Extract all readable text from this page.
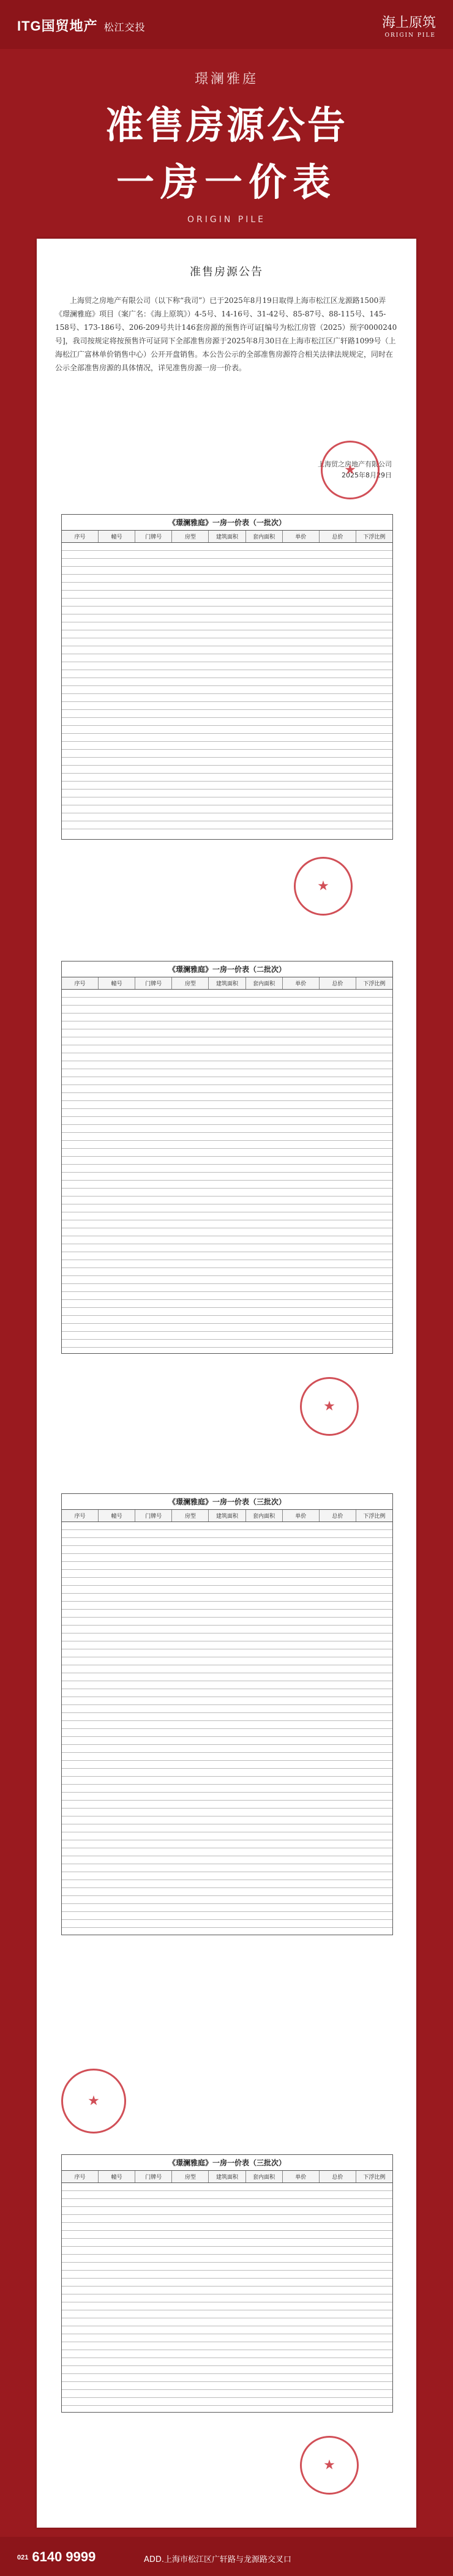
ITG国贸地产 松江交投	海上原筑
ORIGIN PILE
璟澜雅庭
准售房源公告
一房一价表
ORIGIN PILE
准售房源公告
上海贸之房地产有限公司（以下称“我司”）已于2025年8月19日取得上海市松江区龙源路1500弄《璟澜雅庭》项目（案广名：《海上原筑》）4-5号、14-16号、31-42号、85-87号、88-115号、145-158号、173-186号、206-209号共计146套房源的预售许可证[编号为松江房管（2025）预字0000240号]，我司按规定将按预售许可证同下全部准售房源于2025年8月30日在上海市松江区广轩路1099号（上海松江广富林单价销售中心）公开开盘销售。本公告公示的全部准售房源符合相关法律法规规定，同时在公示全部准售房源的具体情况，详见准售房源一房一价表。
上海贸之房地产有限公司
2025年8月29日
★
《璟澜雅庭》一房一价表（一批次）
序号	幢号	门牌号	房型	建筑面积	套内面积	单价	总价	下浮比例
★
《璟澜雅庭》一房一价表（二批次）
序号	幢号	门牌号	房型	建筑面积	套内面积	单价	总价	下浮比例
★
《璟澜雅庭》一房一价表（三批次）
序号	幢号	门牌号	房型	建筑面积	套内面积	单价	总价	下浮比例
★
《璟澜雅庭》一房一价表（三批次）
序号	幢号	门牌号	房型	建筑面积	套内面积	单价	总价	下浮比例
★
021 6140 9999	ADD.上海市松江区广轩路与龙源路交叉口
